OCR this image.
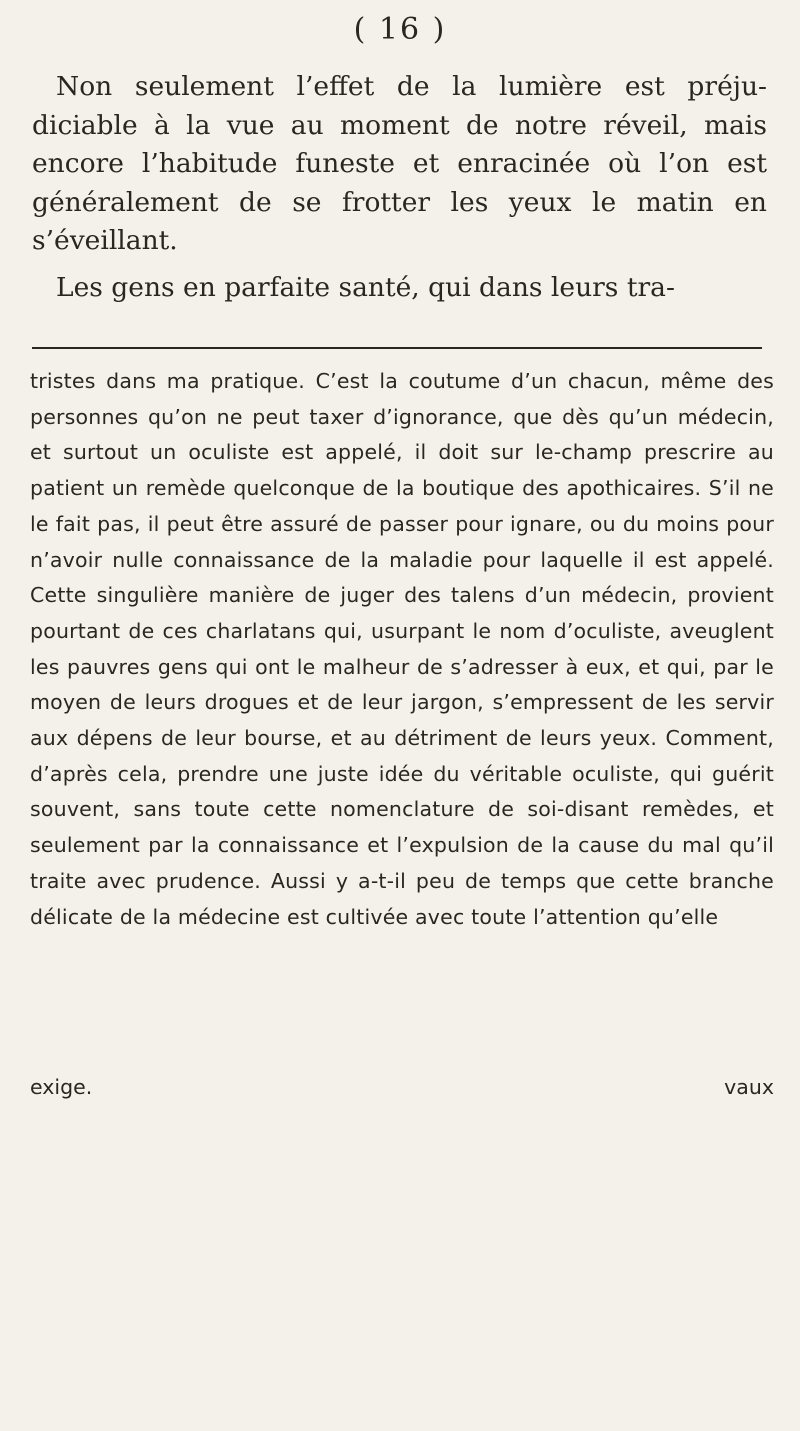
( 16 )

Non seulement l’effet de la lumière est préju-diciable à la vue au moment de notre réveil, mais encore l’habitude funeste et enracinée où l’on est généralement de se frotter les yeux le matin en s’éveillant.

Les gens en parfaite santé, qui dans leurs tra-

tristes dans ma pratique. C’est la coutume d’un chacun, même des personnes qu’on ne peut taxer d’ignorance, que dès qu’un médecin, et surtout un oculiste est appelé, il doit sur le-champ prescrire au patient un remède quelconque de la boutique des apothicaires. S’il ne le fait pas, il peut être assuré de passer pour ignare, ou du moins pour n’avoir nulle connaissance de la maladie pour laquelle il est appelé. Cette singulière manière de juger des talens d’un médecin, provient pourtant de ces charlatans qui, usurpant le nom d’oculiste, aveuglent les pauvres gens qui ont le malheur de s’adresser à eux, et qui, par le moyen de leurs drogues et de leur jargon, s’empressent de les servir aux dépens de leur bourse, et au détriment de leurs yeux. Comment, d’après cela, prendre une juste idée du véritable oculiste, qui guérit souvent, sans toute cette nomenclature de soi-disant remèdes, et seulement par la connaissance et l’expulsion de la cause du mal qu’il traite avec prudence. Aussi y a-t-il peu de temps que cette branche délicate de la médecine est cultivée avec toute l’attention qu’elle

exige.	vaux
